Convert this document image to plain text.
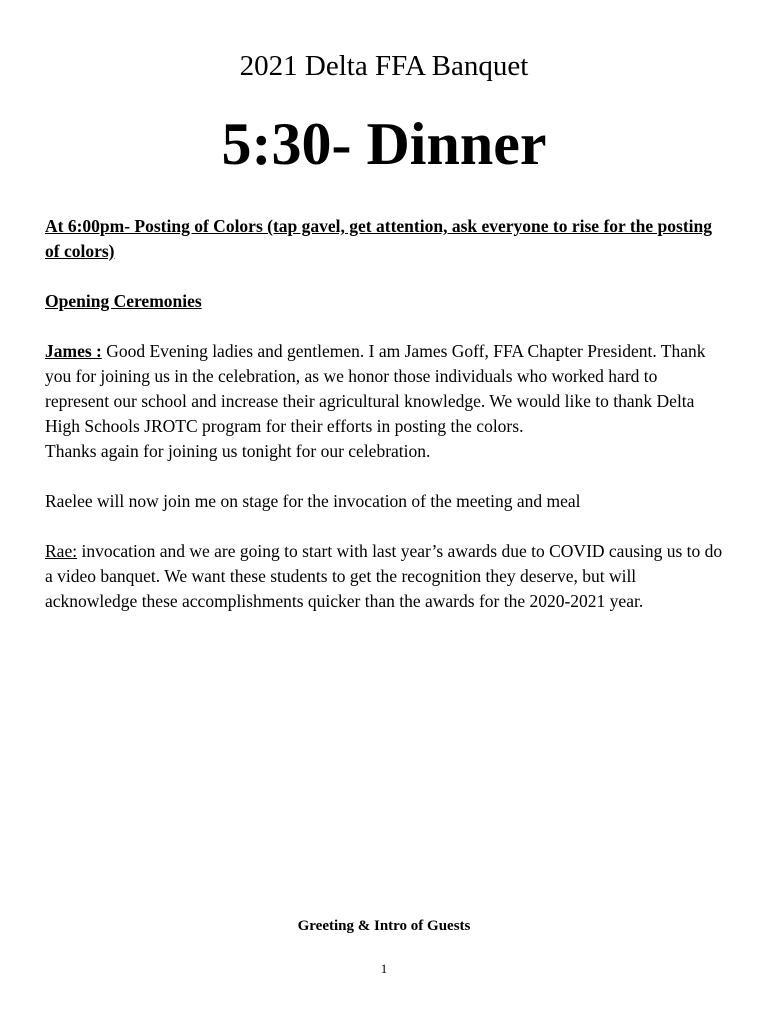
2021 Delta FFA Banquet
5:30- Dinner

At 6:00pm- Posting of Colors (tap gavel, get attention, ask everyone to rise for the posting of colors)

Opening Ceremonies

James : Good Evening ladies and gentlemen. I am James Goff, FFA Chapter President. Thank you for joining us in the celebration, as we honor those individuals who worked hard to represent our school and increase their agricultural knowledge. We would like to thank Delta High Schools JROTC program for their efforts in posting the colors.

Thanks again for joining us tonight for our celebration.

Raelee will now join me on stage for the invocation of the meeting and meal

Rae: invocation and we are going to start with last year’s awards due to COVID causing us to do a video banquet. We want these students to get the recognition they deserve, but will acknowledge these accomplishments quicker than the awards for the 2020-2021 year.

Greeting & Intro of Guests
1
